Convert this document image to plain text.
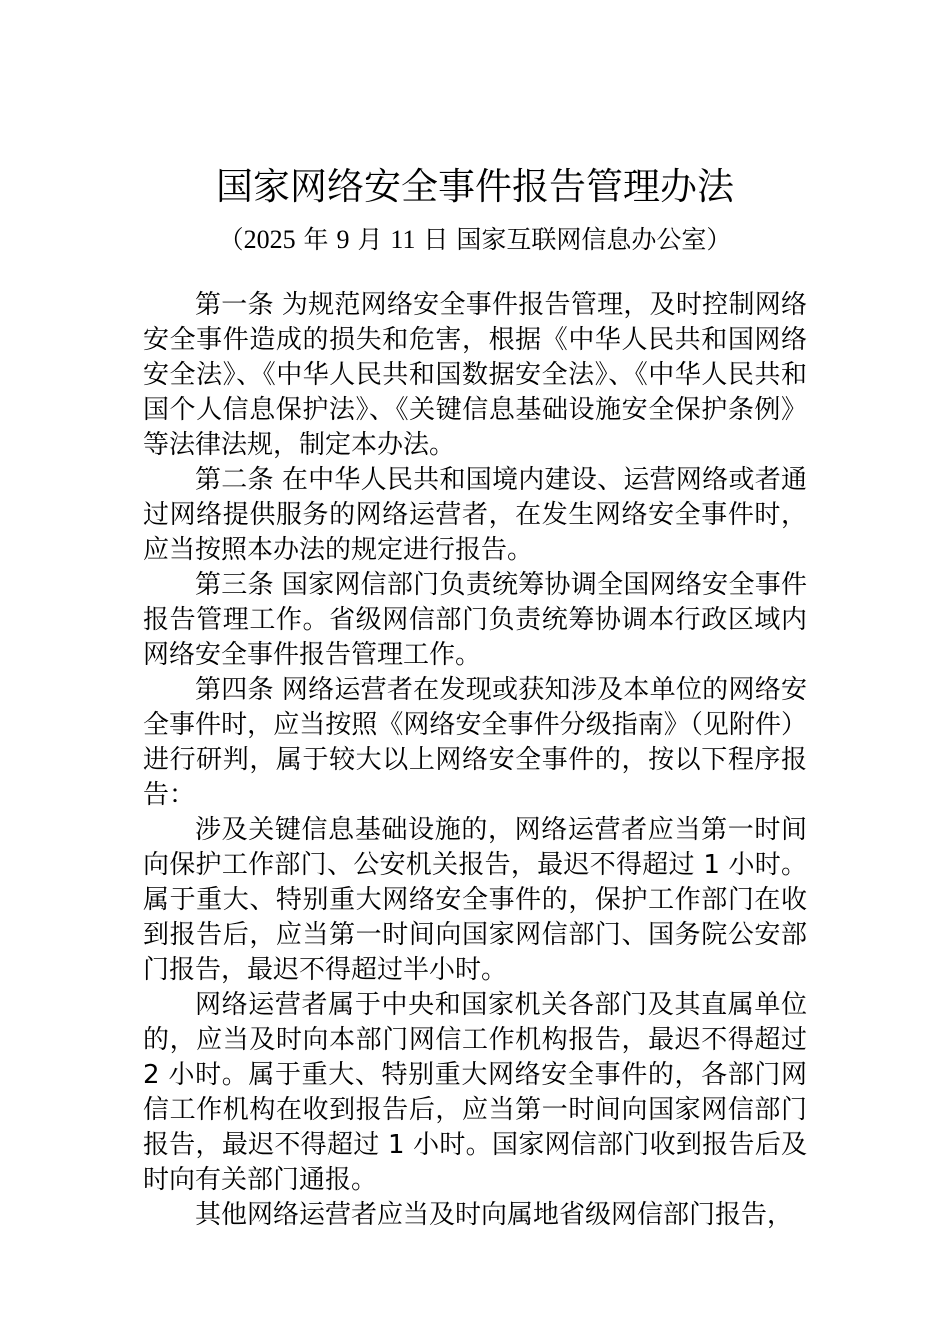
国家网络安全事件报告管理办法
（2025 年 9 月 11 日 国家互联网信息办公室）

第一条 为规范网络安全事件报告管理，及时控制网络安全事件造成的损失和危害，根据《中华人民共和国网络安全法》、《中华人民共和国数据安全法》、《中华人民共和国个人信息保护法》、《关键信息基础设施安全保护条例》等法律法规，制定本办法。

第二条 在中华人民共和国境内建设、运营网络或者通过网络提供服务的网络运营者，在发生网络安全事件时，应当按照本办法的规定进行报告。

第三条 国家网信部门负责统筹协调全国网络安全事件报告管理工作。省级网信部门负责统筹协调本行政区域内网络安全事件报告管理工作。

第四条 网络运营者在发现或获知涉及本单位的网络安全事件时，应当按照《网络安全事件分级指南》（见附件）进行研判，属于较大以上网络安全事件的，按以下程序报告：

涉及关键信息基础设施的，网络运营者应当第一时间向保护工作部门、公安机关报告，最迟不得超过 1 小时。属于重大、特别重大网络安全事件的，保护工作部门在收到报告后，应当第一时间向国家网信部门、国务院公安部门报告，最迟不得超过半小时。

网络运营者属于中央和国家机关各部门及其直属单位的，应当及时向本部门网信工作机构报告，最迟不得超过 2 小时。属于重大、特别重大网络安全事件的，各部门网信工作机构在收到报告后，应当第一时间向国家网信部门报告，最迟不得超过 1 小时。国家网信部门收到报告后及时向有关部门通报。

其他网络运营者应当及时向属地省级网信部门报告，
